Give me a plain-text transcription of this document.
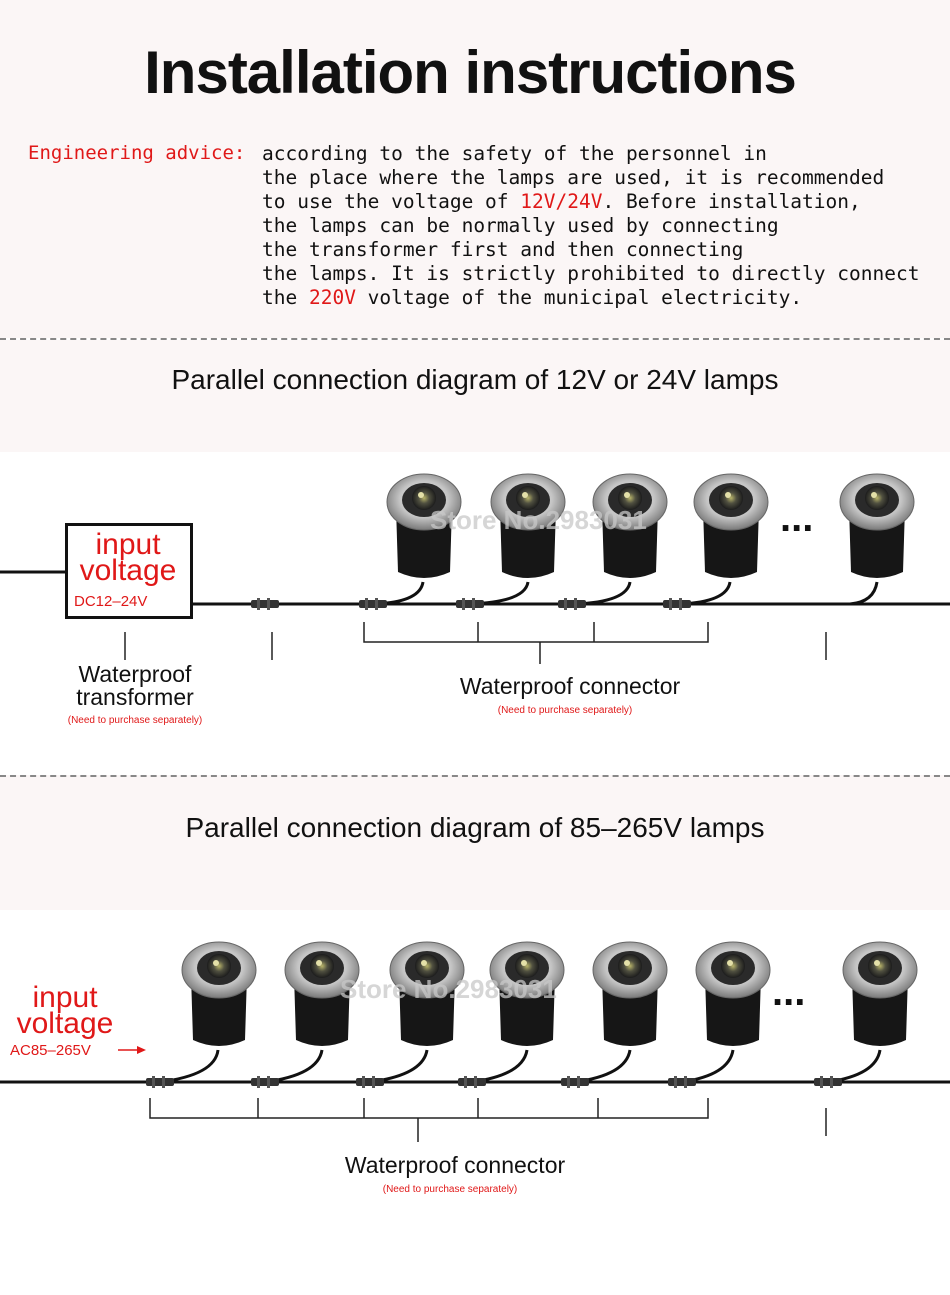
Installation instructions
Engineering advice: according to the safety of the personnel in
the place where the lamps are used, it is recommended
to use the voltage of 12V/24V. Before installation,
the lamps can be normally used by connecting
the transformer first and then connecting
the lamps. It is strictly prohibited to directly connect
the 220V voltage of the municipal electricity.
Parallel connection diagram of 12V or 24V lamps
input
voltage
DC12–24V
Store No.2983031	...
Waterproof
transformer
(Need to purchase separately)
Waterproof connector
(Need to purchase separately)
Parallel connection diagram of 85–265V lamps
input
voltage
AC85–265V
Store No.2983031	...
Waterproof connector
(Need to purchase separately)
